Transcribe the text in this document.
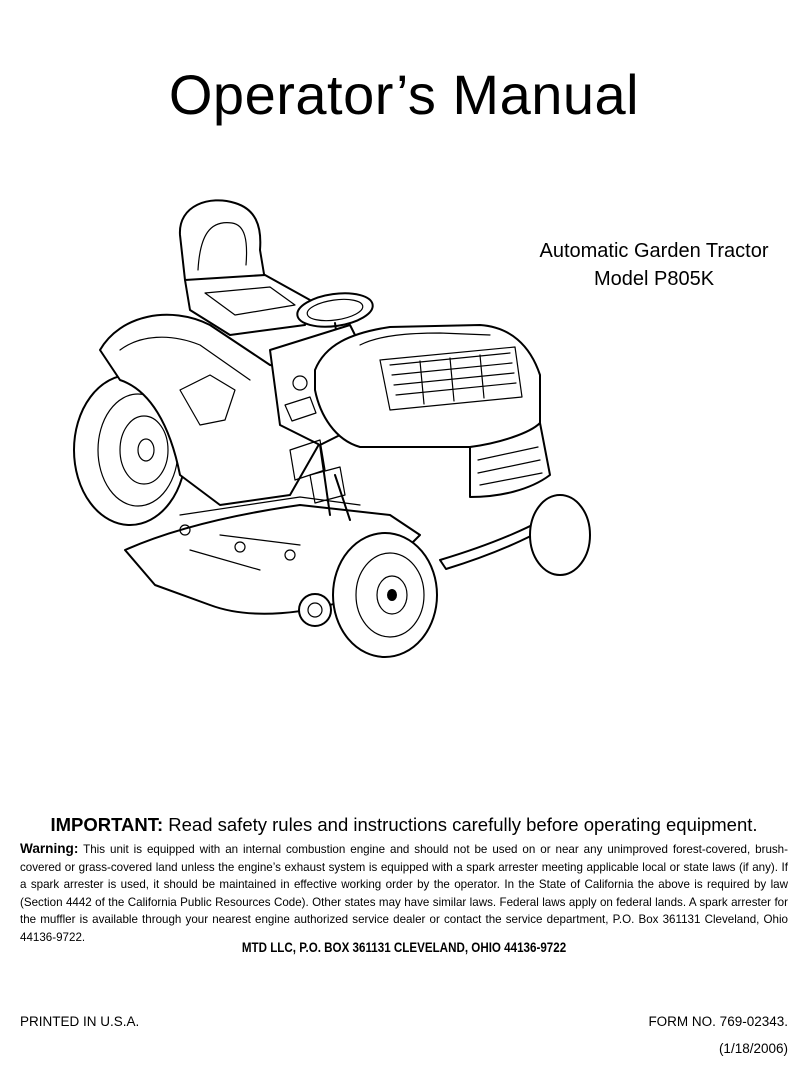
Operator’s Manual
Automatic Garden Tractor
Model P805K
IMPORTANT: Read safety rules and instructions carefully before operating equipment.
Warning: This unit is equipped with an internal combustion engine and should not be used on or near any unimproved forest-covered, brush-covered or grass-covered land unless the engine’s exhaust system is equipped with a spark arrester meeting applicable local or state laws (if any). If a spark arrester is used, it should be maintained in effective working order by the operator. In the State of California the above is required by law (Section 4442 of the California Public Resources Code). Other states may have similar laws. Federal laws apply on federal lands. A spark arrester for the muffler is available through your nearest engine authorized service dealer or contact the service department, P.O. Box 361131 Cleveland, Ohio 44136-9722.
MTD LLC, P.O. BOX 361131 CLEVELAND, OHIO 44136-9722
PRINTED IN U.S.A.	FORM NO. 769-02343.
(1/18/2006)
